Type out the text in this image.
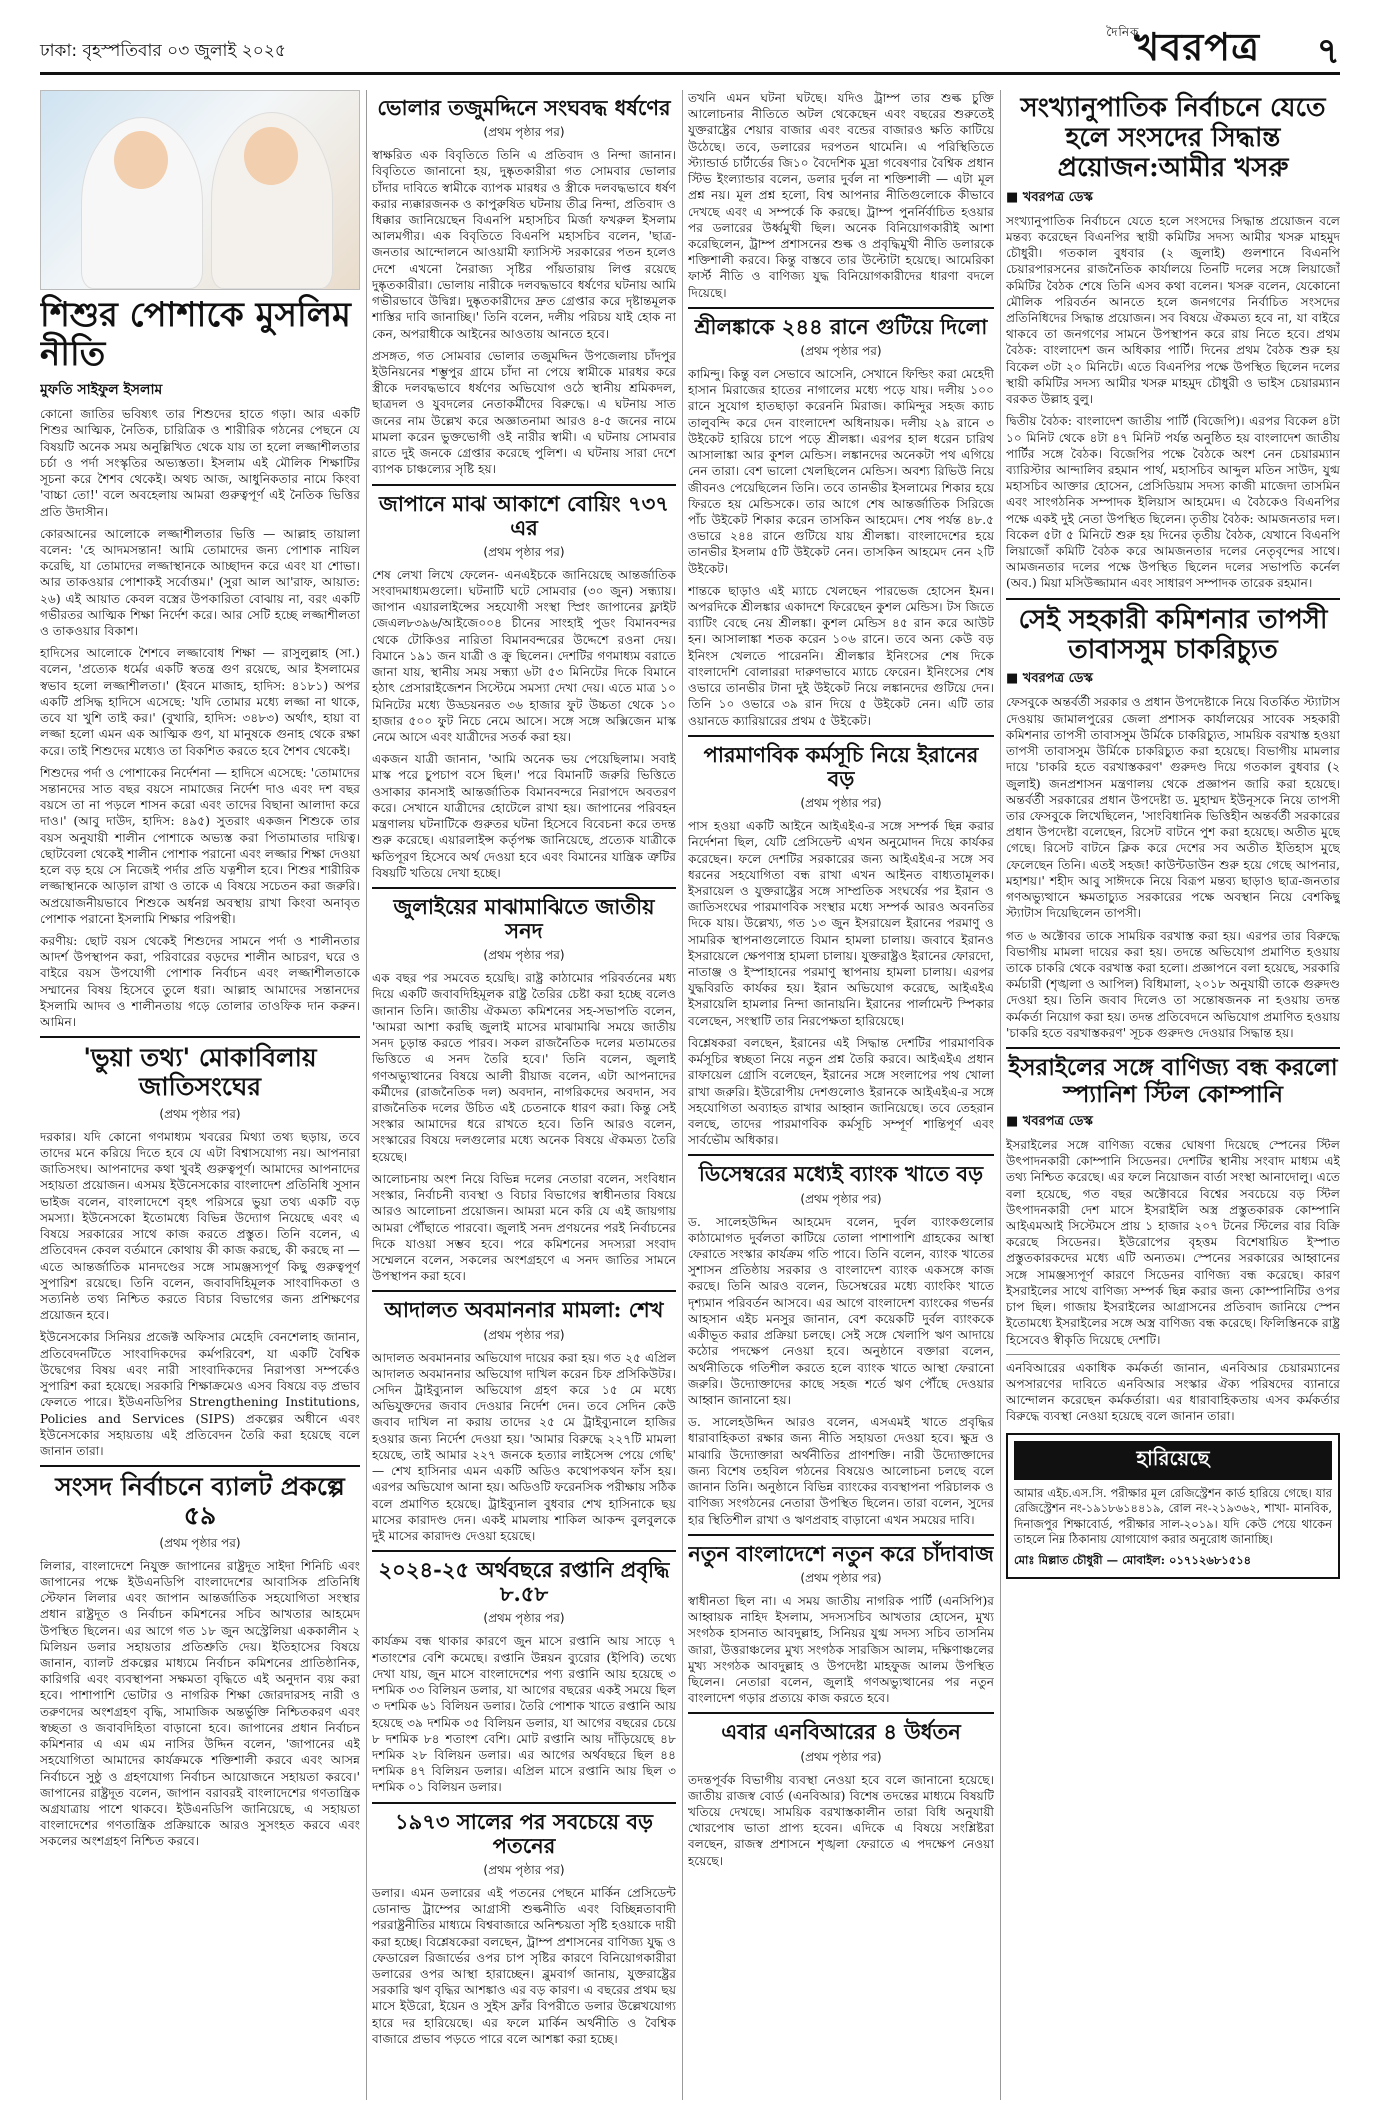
ঢাকা: বৃহস্পতিবার ০৩ জুলাই ২০২৫
দৈনিক
খবরপত্র ৭
শিশুর পোশাকে মুসলিম নীতি
মুফতি সাইফুল ইসলাম

কোনো জাতির ভবিষ্যৎ তার শিশুদের হাতে গড়া। আর একটি শিশুর আত্মিক, নৈতিক, চারিত্রিক ও শারীরিক গঠনের পেছনে যে বিষয়টি অনেক সময় অনুল্লিখিত থেকে যায় তা হলো লজ্জাশীলতার চর্চা ও পর্দা সংস্কৃতির অভ্যস্ততা। ইসলাম এই মৌলিক শিক্ষাটির সূচনা করে শৈশব থেকেই। অথচ আজ, আধুনিকতার নামে কিংবা 'বাচ্চা তো!' বলে অবহেলায় আমরা গুরুত্বপূর্ণ এই নৈতিক ভিত্তির প্রতি উদাসীন।

কোরআনের আলোকে লজ্জাশীলতার ভিত্তি — আল্লাহ তায়ালা বলেন: 'হে আদমসন্তান! আমি তোমাদের জন্য পোশাক নাযিল করেছি, যা তোমাদের লজ্জাস্থানকে আচ্ছাদন করে এবং যা শোভা। আর তাকওয়ার পোশাকই সর্বোত্তম।' (সুরা আল আ'রাফ, আয়াত: ২৬) এই আয়াত কেবল বস্ত্রের উপকারিতা বোঝায় না, বরং একটি গভীরতর আত্মিক শিক্ষা নির্দেশ করে। আর সেটি হচ্ছে লজ্জাশীলতা ও তাকওয়ার বিকাশ।

হাদিসের আলোকে শৈশবে লজ্জাবোধ শিক্ষা — রাসুলুল্লাহ (সা.) বলেন, 'প্রত্যেক ধর্মের একটি স্বতন্ত্র গুণ রয়েছে, আর ইসলামের স্বভাব হলো লজ্জাশীলতা।' (ইবনে মাজাহ, হাদিস: ৪১৮১) অপর একটি প্রসিদ্ধ হাদিসে এসেছে: 'যদি তোমার মধ্যে লজ্জা না থাকে, তবে যা খুশি তাই কর।' (বুখারি, হাদিস: ৩৪৮৩) অর্থাৎ, হায়া বা লজ্জা হলো এমন এক আত্মিক গুণ, যা মানুষকে গুনাহ থেকে রক্ষা করে। তাই শিশুদের মধ্যেও তা বিকশিত করতে হবে শৈশব থেকেই।

শিশুদের পর্দা ও পোশাকের নির্দেশনা — হাদিসে এসেছে: 'তোমাদের সন্তানদের সাত বছর বয়সে নামাজের নির্দেশ দাও এবং দশ বছর বয়সে তা না পড়লে শাসন করো এবং তাদের বিছানা আলাদা করে দাও।' (আবু দাউদ, হাদিস: ৪৯৫) সুতরাং একজন শিশুকে তার বয়স অনুযায়ী শালীন পোশাকে অভ্যস্ত করা পিতামাতার দায়িত্ব। ছোটবেলা থেকেই শালীন পোশাক পরানো এবং লজ্জার শিক্ষা দেওয়া হলে বড় হয়ে সে নিজেই পর্দার প্রতি যত্নশীল হবে। শিশুর শারীরিক লজ্জাস্থানকে আড়াল রাখা ও তাকে এ বিষয়ে সচেতন করা জরুরি। অপ্রয়োজনীয়ভাবে শিশুকে অর্ধনগ্ন অবস্থায় রাখা কিংবা অনাবৃত পোশাক পরানো ইসলামি শিক্ষার পরিপন্থী।

করণীয়: ছোট বয়স থেকেই শিশুদের সামনে পর্দা ও শালীনতার আদর্শ উপস্থাপন করা, পরিবারের বড়দের শালীন আচরণ, ঘরে ও বাইরে বয়স উপযোগী পোশাক নির্বাচন এবং লজ্জাশীলতাকে সম্মানের বিষয় হিসেবে তুলে ধরা। আল্লাহ আমাদের সন্তানদের ইসলামি আদব ও শালীনতায় গড়ে তোলার তাওফিক দান করুন। আমিন।

'ভুয়া তথ্য' মোকাবিলায় জাতিসংঘের
(প্রথম পৃষ্ঠার পর)

দরকার। যদি কোনো গণমাধ্যম খবরের মিথ্যা তথ্য ছড়ায়, তবে তাদের মনে করিয়ে দিতে হবে যে এটা বিশ্বাসযোগ্য নয়। আপনারা জাতিসংঘ। আপনাদের কথা খুবই গুরুত্বপূর্ণ। আমাদের আপনাদের সহায়তা প্রয়োজন। এসময় ইউনেসকোর বাংলাদেশ প্রতিনিধি সুসান ভাইজ বলেন, বাংলাদেশে বৃহৎ পরিসরে ভুয়া তথ্য একটি বড় সমস্যা। ইউনেসকো ইতোমধ্যে বিভিন্ন উদ্যোগ নিয়েছে এবং এ বিষয়ে সরকারের সাথে কাজ করতে প্রস্তুত। তিনি বলেন, এ প্রতিবেদন কেবল বর্তমানে কোথায় কী কাজ করছে, কী করছে না — এতে আন্তর্জাতিক মানদণ্ডের সঙ্গে সামঞ্জস্যপূর্ণ কিছু গুরুত্বপূর্ণ সুপারিশ রয়েছে। তিনি বলেন, জবাবদিহিমূলক সাংবাদিকতা ও সত্যনিষ্ঠ তথ্য নিশ্চিত করতে বিচার বিভাগের জন্য প্রশিক্ষণের প্রয়োজন হবে।

ইউনেসকোর সিনিয়র প্রজেক্ট অফিসার মেহেদি বেনশেলাহ জানান, প্রতিবেদনটিতে সাংবাদিকদের কর্মপরিবেশ, যা একটি বৈশ্বিক উদ্বেগের বিষয় এবং নারী সাংবাদিকদের নিরাপত্তা সম্পর্কেও সুপারিশ করা হয়েছে। সরকারি শিক্ষাক্রমেও এসব বিষয়ে বড় প্রভাব ফেলতে পারে। ইউএনডিপির Strengthening Institutions, Policies and Services (SIPS) প্রকল্পের অধীনে এবং ইউনেসকোর সহায়তায় এই প্রতিবেদন তৈরি করা হয়েছে বলে জানান তারা।

সংসদ নির্বাচনে ব্যালট প্রকল্পে ৫৯
(প্রথম পৃষ্ঠার পর)

লিলার, বাংলাদেশে নিযুক্ত জাপানের রাষ্ট্রদূত সাইদা শিনিচি এবং জাপানের পক্ষে ইউএনডিপি বাংলাদেশের আবাসিক প্রতিনিধি স্টেফান লিলার এবং জাপান আন্তর্জাতিক সহযোগিতা সংস্থার প্রধান রাষ্ট্রদূত ও নির্বাচন কমিশনের সচিব আখতার আহমেদ উপস্থিত ছিলেন। এর আগে গত ১৮ জুন অস্ট্রেলিয়া এককালীন ২ মিলিয়ন ডলার সহায়তার প্রতিশ্রুতি দেয়। ইতিহাসের বিষয়ে জানান, ব্যালট প্রকল্পের মাধ্যমে নির্বাচন কমিশনের প্রাতিষ্ঠানিক, কারিগরি এবং ব্যবস্থাপনা সক্ষমতা বৃদ্ধিতে এই অনুদান ব্যয় করা হবে। পাশাপাশি ভোটার ও নাগরিক শিক্ষা জোরদারসহ নারী ও তরুণদের অংশগ্রহণ বৃদ্ধি, সামাজিক অন্তর্ভুক্তি নিশ্চিতকরণ এবং স্বচ্ছতা ও জবাবদিহিতা বাড়ানো হবে। জাপানের প্রধান নির্বাচন কমিশনার এ এম এম নাসির উদ্দিন বলেন, 'জাপানের এই সহযোগিতা আমাদের কার্যক্রমকে শক্তিশালী করবে এবং আসন্ন নির্বাচনে সুষ্ঠু ও গ্রহণযোগ্য নির্বাচন আয়োজনে সহায়তা করবে।' জাপানের রাষ্ট্রদূত বলেন, জাপান বরাবরই বাংলাদেশের গণতান্ত্রিক অগ্রযাত্রায় পাশে থাকবে। ইউএনডিপি জানিয়েছে, এ সহায়তা বাংলাদেশের গণতান্ত্রিক প্রক্রিয়াকে আরও সুসংহত করবে এবং সকলের অংশগ্রহণ নিশ্চিত করবে।

ভোলার তজুমদ্দিনে সংঘবদ্ধ ধর্ষণের
(প্রথম পৃষ্ঠার পর)

স্বাক্ষরিত এক বিবৃতিতে তিনি এ প্রতিবাদ ও নিন্দা জানান। বিবৃতিতে জানানো হয়, দুষ্কৃতকারীরা গত সোমবার ভোলার চাঁদার দাবিতে স্বামীকে ব্যাপক মারধর ও স্ত্রীকে দলবদ্ধভাবে ধর্ষণ করার ন্যক্কারজনক ও কাপুরুষিত ঘটনায় তীব্র নিন্দা, প্রতিবাদ ও ধিক্কার জানিয়েছেন বিএনপি মহাসচিব মির্জা ফখরুল ইসলাম আলমগীর। এক বিবৃতিতে বিএনপি মহাসচিব বলেন, 'ছাত্র-জনতার আন্দোলনে আওয়ামী ফ্যাসিস্ট সরকারের পতন হলেও দেশে এখনো নৈরাজ্য সৃষ্টির পাঁয়তারায় লিপ্ত রয়েছে দুষ্কৃতকারীরা। ভোলায় নারীকে দলবদ্ধভাবে ধর্ষণের ঘটনায় আমি গভীরভাবে উদ্বিগ্ন। দুষ্কৃতকারীদের দ্রুত গ্রেপ্তার করে দৃষ্টান্তমূলক শাস্তির দাবি জানাচ্ছি।' তিনি বলেন, দলীয় পরিচয় যাই হোক না কেন, অপরাধীকে আইনের আওতায় আনতে হবে।

প্রসঙ্গত, গত সোমবার ভোলার তজুমদ্দিন উপজেলায় চাঁদপুর ইউনিয়নের শম্ভুপুর গ্রামে চাঁদা না পেয়ে স্বামীকে মারধর করে স্ত্রীকে দলবদ্ধভাবে ধর্ষণের অভিযোগ ওঠে স্থানীয় শ্রমিকদল, ছাত্রদল ও যুবদলের নেতাকর্মীদের বিরুদ্ধে। এ ঘটনায় সাত জনের নাম উল্লেখ করে অজ্ঞাতনামা আরও ৪-৫ জনের নামে মামলা করেন ভুক্তভোগী ওই নারীর স্বামী। এ ঘটনায় সোমবার রাতে দুই জনকে গ্রেপ্তার করেছে পুলিশ। এ ঘটনায় সারা দেশে ব্যাপক চাঞ্চল্যের সৃষ্টি হয়।

জাপানে মাঝ আকাশে বোয়িং ৭৩৭ এর
(প্রথম পৃষ্ঠার পর)

শেষ লেখা লিখে ফেলেন- এনএইচকে জানিয়েছে আন্তর্জাতিক সংবাদমাধ্যমগুলো। ঘটনাটি ঘটে সোমবার (৩০ জুন) সন্ধ্যায়। জাপান এয়ারলাইন্সের সহযোগী সংস্থা স্প্রিং জাপানের ফ্লাইট জেএল৮৩৯৬/আইজে০০৪ চীনের সাংহাই পুডং বিমানবন্দর থেকে টোকিওর নারিতা বিমানবন্দরের উদ্দেশে রওনা দেয়। বিমানে ১৯১ জন যাত্রী ও ক্রু ছিলেন। দেশটির গণমাধ্যম বরাতে জানা যায়, স্থানীয় সময় সন্ধ্যা ৬টা ৫৩ মিনিটের দিকে বিমানে হঠাৎ প্রেসারাইজেশন সিস্টেমে সমস্যা দেখা দেয়। এতে মাত্র ১০ মিনিটের মধ্যে উড্ডয়নরত ৩৬ হাজার ফুট উচ্চতা থেকে ১০ হাজার ৫০০ ফুট নিচে নেমে আসে। সঙ্গে সঙ্গে অক্সিজেন মাস্ক নেমে আসে এবং যাত্রীদের সতর্ক করা হয়।

একজন যাত্রী জানান, 'আমি অনেক ভয় পেয়েছিলাম। সবাই মাস্ক পরে চুপচাপ বসে ছিল।' পরে বিমানটি জরুরি ভিত্তিতে ওসাকার কানসাই আন্তর্জাতিক বিমানবন্দরে নিরাপদে অবতরণ করে। সেখানে যাত্রীদের হোটেলে রাখা হয়। জাপানের পরিবহন মন্ত্রণালয় ঘটনাটিকে গুরুতর ঘটনা হিসেবে বিবেচনা করে তদন্ত শুরু করেছে। এয়ারলাইন্স কর্তৃপক্ষ জানিয়েছে, প্রত্যেক যাত্রীকে ক্ষতিপূরণ হিসেবে অর্থ দেওয়া হবে এবং বিমানের যান্ত্রিক ত্রুটির বিষয়টি খতিয়ে দেখা হচ্ছে।

জুলাইয়ের মাঝামাঝিতে জাতীয় সনদ
(প্রথম পৃষ্ঠার পর)

এক বছর পর সমবেত হয়েছি। রাষ্ট্র কাঠামোর পরিবর্তনের মধ্য দিয়ে একটি জবাবদিহিমূলক রাষ্ট্র তৈরির চেষ্টা করা হচ্ছে বলেও জানান তিনি। জাতীয় ঐকমত্য কমিশনের সহ-সভাপতি বলেন, 'আমরা আশা করছি জুলাই মাসের মাঝামাঝি সময়ে জাতীয় সনদ চূড়ান্ত করতে পারব। সকল রাজনৈতিক দলের মতামতের ভিত্তিতে এ সনদ তৈরি হবে।' তিনি বলেন, জুলাই গণঅভ্যুত্থানের বিষয়ে আলী রীয়াজ বলেন, এটা আপনাদের কর্মীদের (রাজনৈতিক দল) অবদান, নাগরিকদের অবদান, সব রাজনৈতিক দলের উচিত এই চেতনাকে ধারণ করা। কিন্তু সেই সংস্কার আমাদের ধরে রাখতে হবে। তিনি আরও বলেন, সংস্কারের বিষয়ে দলগুলোর মধ্যে অনেক বিষয়ে ঐকমত্য তৈরি হয়েছে।

আলোচনায় অংশ নিয়ে বিভিন্ন দলের নেতারা বলেন, সংবিধান সংস্কার, নির্বাচনী ব্যবস্থা ও বিচার বিভাগের স্বাধীনতার বিষয়ে আরও আলোচনা প্রয়োজন। আমরা মনে করি যে এই জায়গায় আমরা পৌঁছাতে পারবো। জুলাই সনদ প্রণয়নের পরই নির্বাচনের দিকে যাওয়া সম্ভব হবে। পরে কমিশনের সদস্যরা সংবাদ সম্মেলনে বলেন, সকলের অংশগ্রহণে এ সনদ জাতির সামনে উপস্থাপন করা হবে।

আদালত অবমাননার মামলা: শেখ
(প্রথম পৃষ্ঠার পর)

আদালত অবমাননার অভিযোগ দায়ের করা হয়। গত ২৫ এপ্রিল আদালত অবমাননার অভিযোগ দাখিল করেন চিফ প্রসিকিউটর। সেদিন ট্রাইব্যুনাল অভিযোগ গ্রহণ করে ১৫ মে মধ্যে অভিযুক্তদের জবাব দেওয়ার নির্দেশ দেন। তবে সেদিন কেউ জবাব দাখিল না করায় তাদের ২৫ মে ট্রাইব্যুনালে হাজির হওয়ার জন্য নির্দেশ দেওয়া হয়। 'আমার বিরুদ্ধে ২২৭টি মামলা হয়েছে, তাই আমার ২২৭ জনকে হত্যার লাইসেন্স পেয়ে গেছি' — শেখ হাসিনার এমন একটি অডিও কথোপকথন ফাঁস হয়। এরপর অভিযোগ আনা হয়। অডিওটি ফরেনসিক পরীক্ষায় সঠিক বলে প্রমাণিত হয়েছে। ট্রাইব্যুনাল বুধবার শেখ হাসিনাকে ছয় মাসের কারাদণ্ড দেন। একই মামলায় শাকিল আকন্দ বুলবুলকে দুই মাসের কারাদণ্ড দেওয়া হয়েছে।

২০২৪-২৫ অর্থবছরে রপ্তানি প্রবৃদ্ধি ৮.৫৮
(প্রথম পৃষ্ঠার পর)

কার্যক্রম বন্ধ থাকার কারণে জুন মাসে রপ্তানি আয় সাড়ে ৭ শতাংশের বেশি কমেছে। রপ্তানি উন্নয়ন ব্যুরোর (ইপিবি) তথ্যে দেখা যায়, জুন মাসে বাংলাদেশের পণ্য রপ্তানি আয় হয়েছে ৩ দশমিক ৩৩ বিলিয়ন ডলার, যা আগের বছরের একই সময়ে ছিল ৩ দশমিক ৬১ বিলিয়ন ডলার। তৈরি পোশাক খাতে রপ্তানি আয় হয়েছে ৩৯ দশমিক ৩৫ বিলিয়ন ডলার, যা আগের বছরের চেয়ে ৮ দশমিক ৮৪ শতাংশ বেশি। মোট রপ্তানি আয় দাঁড়িয়েছে ৪৮ দশমিক ২৮ বিলিয়ন ডলার। এর আগের অর্থবছরে ছিল ৪৪ দশমিক ৪৭ বিলিয়ন ডলার। এপ্রিল মাসে রপ্তানি আয় ছিল ৩ দশমিক ০১ বিলিয়ন ডলার।

১৯৭৩ সালের পর সবচেয়ে বড় পতনের
(প্রথম পৃষ্ঠার পর)

ডলার। এমন ডলারের এই পতনের পেছনে মার্কিন প্রেসিডেন্ট ডোনাল্ড ট্রাম্পের আগ্রাসী শুল্কনীতি এবং বিচ্ছিন্নতাবাদী পররাষ্ট্রনীতির মাধ্যমে বিশ্ববাজারে অনিশ্চয়তা সৃষ্টি হওয়াকে দায়ী করা হচ্ছে। বিশ্লেষকেরা বলছেন, ট্রাম্প প্রশাসনের বাণিজ্য যুদ্ধ ও ফেডারেল রিজার্ভের ওপর চাপ সৃষ্টির কারণে বিনিয়োগকারীরা ডলারের ওপর আস্থা হারাচ্ছেন। ব্লুমবার্গ জানায়, যুক্তরাষ্ট্রের সরকারি ঋণ বৃদ্ধির আশঙ্কাও এর বড় কারণ। এ বছরের প্রথম ছয় মাসে ইউরো, ইয়েন ও সুইস ফ্রাঁর বিপরীতে ডলার উল্লেখযোগ্য হারে দর হারিয়েছে। এর ফলে মার্কিন অর্থনীতি ও বৈশ্বিক বাজারে প্রভাব পড়তে পারে বলে আশঙ্কা করা হচ্ছে।

তখনি এমন ঘটনা ঘটছে। যদিও ট্রাম্প তার শুল্ক চুক্তি আলোচনার নীতিতে অটল থেকেছেন এবং বছরের শুরুতেই যুক্তরাষ্ট্রের শেয়ার বাজার এবং বন্ডের বাজারও ক্ষতি কাটিয়ে উঠেছে। তবে, ডলারের দরপতন থামেনি। এ পরিস্থিতিতে স্ট্যান্ডার্ড চার্টার্ডের জি১০ বৈদেশিক মুদ্রা গবেষণার বৈশ্বিক প্রধান স্টিভ ইংল্যান্ডার বলেন, ডলার দুর্বল না শক্তিশালী — এটা মূল প্রশ্ন নয়। মূল প্রশ্ন হলো, বিশ্ব আপনার নীতিগুলোকে কীভাবে দেখছে এবং এ সম্পর্কে কি করছে। ট্রাম্প পুনর্নির্বাচিত হওয়ার পর ডলারের উর্ধ্বমুখী ছিল। অনেক বিনিয়োগকারীই আশা করেছিলেন, ট্রাম্প প্রশাসনের শুল্ক ও প্রবৃদ্ধিমুখী নীতি ডলারকে শক্তিশালী করবে। কিন্তু বাস্তবে তার উল্টোটা হয়েছে। আমেরিকা ফার্স্ট নীতি ও বাণিজ্য যুদ্ধ বিনিয়োগকারীদের ধারণা বদলে দিয়েছে।

শ্রীলঙ্কাকে ২৪৪ রানে গুটিয়ে দিলো
(প্রথম পৃষ্ঠার পর)

কামিন্দু। কিন্তু বল সেভাবে আসেনি, সেখানে ফিল্ডিং করা মেহেদী হাসান মিরাজের হাতের নাগালের মধ্যে পড়ে যায়। দলীয় ১০০ রানে সুযোগ হাতছাড়া করেননি মিরাজ। কামিন্দুর সহজ ক্যাচ তালুবন্দি করে দেন বাংলাদেশ অধিনায়ক। দলীয় ২৯ রানে ৩ উইকেট হারিয়ে চাপে পড়ে শ্রীলঙ্কা। এরপর হাল ধরেন চারিথ আসালাঙ্কা আর কুশল মেন্ডিস। লঙ্কানদের অনেকটা পথ এগিয়ে নেন তারা। বেশ ভালো খেলছিলেন মেন্ডিস। অবশ্য রিভিউ নিয়ে জীবনও পেয়েছিলেন তিনি। তবে তানভীর ইসলামের শিকার হয়ে ফিরতে হয় মেন্ডিসকে। তার আগে শেষ আন্তর্জাতিক সিরিজে পাঁচ উইকেট শিকার করেন তাসকিন আহমেদ। শেষ পর্যন্ত ৪৮.৫ ওভারে ২৪৪ রানে গুটিয়ে যায় শ্রীলঙ্কা। বাংলাদেশের হয়ে তানভীর ইসলাম ৫টি উইকেট নেন। তাসকিন আহমেদ নেন ২টি উইকেট।

শান্তকে ছাড়াও এই ম্যাচে খেলছেন পারভেজ হোসেন ইমন। অপরদিকে শ্রীলঙ্কার একাদশে ফিরেছেন কুশল মেন্ডিস। টস জিতে ব্যাটিং বেছে নেয় শ্রীলঙ্কা। কুশল মেন্ডিস ৪৫ রান করে আউট হন। আসালাঙ্কা শতক করেন ১০৬ রানে। তবে অন্য কেউ বড় ইনিংস খেলতে পারেননি। শ্রীলঙ্কার ইনিংসের শেষ দিকে বাংলাদেশি বোলাররা দারুণভাবে ম্যাচে ফেরেন। ইনিংসের শেষ ওভারে তানভীর টানা দুই উইকেট নিয়ে লঙ্কানদের গুটিয়ে দেন। তিনি ১০ ওভারে ৩৯ রান দিয়ে ৫ উইকেট নেন। এটি তার ওয়ানডে ক্যারিয়ারের প্রথম ৫ উইকেট।

পারমাণবিক কর্মসূচি নিয়ে ইরানের বড়
(প্রথম পৃষ্ঠার পর)

পাস হওয়া একটি আইনে আইএইএ-র সঙ্গে সম্পর্ক ছিন্ন করার নির্দেশনা ছিল, যেটি প্রেসিডেন্ট এখন অনুমোদন দিয়ে কার্যকর করেছেন। ফলে দেশটির সরকারের জন্য আইএইএ-র সঙ্গে সব ধরনের সহযোগিতা বন্ধ রাখা এখন আইনত বাধ্যতামূলক। ইসরায়েল ও যুক্তরাষ্ট্রের সঙ্গে সাম্প্রতিক সংঘর্ষের পর ইরান ও জাতিসংঘের পারমাণবিক সংস্থার মধ্যে সম্পর্ক আরও অবনতির দিকে যায়। উল্লেখ্য, গত ১৩ জুন ইসরায়েল ইরানের পরমাণু ও সামরিক স্থাপনাগুলোতে বিমান হামলা চালায়। জবাবে ইরানও ইসরায়েলে ক্ষেপণাস্ত্র হামলা চালায়। যুক্তরাষ্ট্রও ইরানের ফোরদো, নাতাঞ্জ ও ইস্পাহানের পরমাণু স্থাপনায় হামলা চালায়। এরপর যুদ্ধবিরতি কার্যকর হয়। ইরান অভিযোগ করেছে, আইএইএ ইসরায়েলি হামলার নিন্দা জানায়নি। ইরানের পার্লামেন্ট স্পিকার বলেছেন, সংস্থাটি তার নিরপেক্ষতা হারিয়েছে।

বিশ্লেষকরা বলছেন, ইরানের এই সিদ্ধান্ত দেশটির পারমাণবিক কর্মসূচির স্বচ্ছতা নিয়ে নতুন প্রশ্ন তৈরি করবে। আইএইএ প্রধান রাফায়েল গ্রোসি বলেছেন, ইরানের সঙ্গে সংলাপের পথ খোলা রাখা জরুরি। ইউরোপীয় দেশগুলোও ইরানকে আইএইএ-র সঙ্গে সহযোগিতা অব্যাহত রাখার আহ্বান জানিয়েছে। তবে তেহরান বলছে, তাদের পারমাণবিক কর্মসূচি সম্পূর্ণ শান্তিপূর্ণ এবং সার্বভৌম অধিকার।

ডিসেম্বরের মধ্যেই ব্যাংক খাতে বড়
(প্রথম পৃষ্ঠার পর)

ড. সালেহউদ্দিন আহমেদ বলেন, দুর্বল ব্যাংকগুলোর কাঠামোগত দুর্বলতা কাটিয়ে তোলা পাশাপাশি গ্রাহকের আস্থা ফেরাতে সংস্কার কার্যক্রম গতি পাবে। তিনি বলেন, ব্যাংক খাতের সুশাসন প্রতিষ্ঠায় সরকার ও বাংলাদেশ ব্যাংক একসঙ্গে কাজ করছে। তিনি আরও বলেন, ডিসেম্বরের মধ্যে ব্যাংকিং খাতে দৃশ্যমান পরিবর্তন আসবে। এর আগে বাংলাদেশ ব্যাংকের গভর্নর আহসান এইচ মনসুর জানান, বেশ কয়েকটি দুর্বল ব্যাংককে একীভূত করার প্রক্রিয়া চলছে। সেই সঙ্গে খেলাপি ঋণ আদায়ে কঠোর পদক্ষেপ নেওয়া হবে। অনুষ্ঠানে বক্তারা বলেন, অর্থনীতিকে গতিশীল করতে হলে ব্যাংক খাতে আস্থা ফেরানো জরুরি। উদ্যোক্তাদের কাছে সহজ শর্তে ঋণ পৌঁছে দেওয়ার আহ্বান জানানো হয়।

ড. সালেহউদ্দিন আরও বলেন, এসএমই খাতে প্রবৃদ্ধির ধারাবাহিকতা রক্ষার জন্য নীতি সহায়তা দেওয়া হবে। ক্ষুদ্র ও মাঝারি উদ্যোক্তারা অর্থনীতির প্রাণশক্তি। নারী উদ্যোক্তাদের জন্য বিশেষ তহবিল গঠনের বিষয়েও আলোচনা চলছে বলে জানান তিনি। অনুষ্ঠানে বিভিন্ন ব্যাংকের ব্যবস্থাপনা পরিচালক ও বাণিজ্য সংগঠনের নেতারা উপস্থিত ছিলেন। তারা বলেন, সুদের হার স্থিতিশীল রাখা ও ঋণপ্রবাহ বাড়ানো এখন সময়ের দাবি।

নতুন বাংলাদেশে নতুন করে চাঁদাবাজ
(প্রথম পৃষ্ঠার পর)

স্বাধীনতা ছিল না। এ সময় জাতীয় নাগরিক পার্টি (এনসিপি)র আহ্বায়ক নাহিদ ইসলাম, সদস্যসচিব আখতার হোসেন, মুখ্য সংগঠক হাসনাত আবদুল্লাহ, সিনিয়র যুগ্ম সদস্য সচিব তাসনিম জারা, উত্তরাঞ্চলের মুখ্য সংগঠক সারজিস আলম, দক্ষিণাঞ্চলের মুখ্য সংগঠক আবদুল্লাহ ও উপদেষ্টা মাহফুজ আলম উপস্থিত ছিলেন। নেতারা বলেন, জুলাই গণঅভ্যুত্থানের পর নতুন বাংলাদেশ গড়ার প্রত্যয়ে কাজ করতে হবে।

এবার এনবিআরের ৪ উর্ধতন
(প্রথম পৃষ্ঠার পর)

তদন্তপূর্বক বিভাগীয় ব্যবস্থা নেওয়া হবে বলে জানানো হয়েছে। জাতীয় রাজস্ব বোর্ড (এনবিআর) বিশেষ তদন্তের মাধ্যমে বিষয়টি খতিয়ে দেখছে। সাময়িক বরখাস্তকালীন তারা বিধি অনুযায়ী খোরপোষ ভাতা প্রাপ্য হবেন। এদিকে এ বিষয়ে সংশ্লিষ্টরা বলছেন, রাজস্ব প্রশাসনে শৃঙ্খলা ফেরাতে এ পদক্ষেপ নেওয়া হয়েছে।

সংখ্যানুপাতিক নির্বাচনে যেতে হলে সংসদের সিদ্ধান্ত প্রয়োজন:আমীর খসরু
■ খবরপত্র ডেস্ক

সংখ্যানুপাতিক নির্বাচনে যেতে হলে সংসদের সিদ্ধান্ত প্রয়োজন বলে মন্তব্য করেছেন বিএনপির স্থায়ী কমিটির সদস্য আমীর খসরু মাহমুদ চৌধুরী। গতকাল বুধবার (২ জুলাই) গুলশানে বিএনপি চেয়ারপারসনের রাজনৈতিক কার্যালয়ে তিনটি দলের সঙ্গে লিয়াজোঁ কমিটির বৈঠক শেষে তিনি এসব কথা বলেন। খসরু বলেন, যেকোনো মৌলিক পরিবর্তন আনতে হলে জনগণের নির্বাচিত সংসদের প্রতিনিধিদের সিদ্ধান্ত প্রয়োজন। সব বিষয়ে ঐকমত্য হবে না, যা বাইরে থাকবে তা জনগণের সামনে উপস্থাপন করে রায় নিতে হবে। প্রথম বৈঠক: বাংলাদেশ জন অধিকার পার্টি। দিনের প্রথম বৈঠক শুরু হয় বিকেল ৩টা ২০ মিনিটে। এতে বিএনপির পক্ষে উপস্থিত ছিলেন দলের স্থায়ী কমিটির সদস্য আমীর খসরু মাহমুদ চৌধুরী ও ভাইস চেয়ারম্যান বরকত উল্লাহ বুলু।

দ্বিতীয় বৈঠক: বাংলাদেশ জাতীয় পার্টি (বিজেপি)। এরপর বিকেল ৪টা ১০ মিনিট থেকে ৪টা ৪৭ মিনিট পর্যন্ত অনুষ্ঠিত হয় বাংলাদেশ জাতীয় পার্টির সঙ্গে বৈঠক। বিজেপির পক্ষে বৈঠকে অংশ নেন চেয়ারম্যান ব্যারিস্টার আন্দালিব রহমান পার্থ, মহাসচিব আব্দুল মতিন সাউদ, যুগ্ম মহাসচিব আক্তার হোসেন, প্রেসিডিয়াম সদস্য কাজী মাজেদা তাসমিন এবং সাংগঠনিক সম্পাদক ইলিয়াস আহমেদ। এ বৈঠকেও বিএনপির পক্ষে একই দুই নেতা উপস্থিত ছিলেন। তৃতীয় বৈঠক: আমজনতার দল। বিকেল ৫টা ৫ মিনিটে শুরু হয় দিনের তৃতীয় বৈঠক, যেখানে বিএনপি লিয়াজোঁ কমিটি বৈঠক করে আমজনতার দলের নেতৃবৃন্দের সাথে। আমজনতার দলের পক্ষে উপস্থিত ছিলেন দলের সভাপতি কর্নেল (অব.) মিয়া মসিউজ্জামান এবং সাধারণ সম্পাদক তারেক রহমান।

সেই সহকারী কমিশনার তাপসী তাবাসসুম চাকরিচ্যুত
■ খবরপত্র ডেস্ক

ফেসবুকে অন্তর্বর্তী সরকার ও প্রধান উপদেষ্টাকে নিয়ে বিতর্কিত স্ট্যাটাস দেওয়ায় জামালপুরের জেলা প্রশাসক কার্যালয়ের সাবেক সহকারী কমিশনার তাপসী তাবাসসুম উর্মিকে চাকরিচ্যুত, সাময়িক বরখাস্ত হওয়া তাপসী তাবাসসুম উর্মিকে চাকরিচ্যুত করা হয়েছে। বিভাগীয় মামলার দায়ে 'চাকরি হতে বরখাস্তকরণ' গুরুদণ্ড দিয়ে গতকাল বুধবার (২ জুলাই) জনপ্রশাসন মন্ত্রণালয় থেকে প্রজ্ঞাপন জারি করা হয়েছে। অন্তর্বর্তী সরকারের প্রধান উপদেষ্টা ড. মুহাম্মদ ইউনূসকে নিয়ে তাপসী তার ফেসবুকে লিখেছিলেন, 'সাংবিধানিক ভিত্তিহীন অন্তর্বর্তী সরকারের প্রধান উপদেষ্টা বলেছেন, রিসেট বাটনে পুশ করা হয়েছে। অতীত মুছে গেছে। রিসেট বাটনে ক্লিক করে দেশের সব অতীত ইতিহাস মুছে ফেলেছেন তিনি। এতই সহজ! কাউন্টডাউন শুরু হয়ে গেছে আপনার, মহাশয়।' শহীদ আবু সাঈদকে নিয়ে বিরূপ মন্তব্য ছাড়াও ছাত্র-জনতার গণঅভ্যুত্থানে ক্ষমতাচ্যুত সরকারের পক্ষে অবস্থান নিয়ে বেশকিছু স্ট্যাটাস দিয়েছিলেন তাপসী।

গত ৬ অক্টোবর তাকে সাময়িক বরখাস্ত করা হয়। এরপর তার বিরুদ্ধে বিভাগীয় মামলা দায়ের করা হয়। তদন্তে অভিযোগ প্রমাণিত হওয়ায় তাকে চাকরি থেকে বরখাস্ত করা হলো। প্রজ্ঞাপনে বলা হয়েছে, সরকারি কর্মচারী (শৃঙ্খলা ও আপিল) বিধিমালা, ২০১৮ অনুযায়ী তাকে গুরুদণ্ড দেওয়া হয়। তিনি জবাব দিলেও তা সন্তোষজনক না হওয়ায় তদন্ত কর্মকর্তা নিয়োগ করা হয়। তদন্ত প্রতিবেদনে অভিযোগ প্রমাণিত হওয়ায় 'চাকরি হতে বরখাস্তকরণ' সূচক গুরুদণ্ড দেওয়ার সিদ্ধান্ত হয়।

ইসরাইলের সঙ্গে বাণিজ্য বন্ধ করলো স্প্যানিশ স্টিল কোম্পানি
■ খবরপত্র ডেস্ক

ইসরাইলের সঙ্গে বাণিজ্য বন্ধের ঘোষণা দিয়েছে স্পেনের স্টিল উৎপাদনকারী কোম্পানি সিডেনর। দেশটির স্থানীয় সংবাদ মাধ্যম এই তথ্য নিশ্চিত করেছে। এর ফলে নিয়োজন বার্তা সংস্থা আনাদোলু। এতে বলা হয়েছে, গত বছর অক্টোবরে বিশ্বের সবচেয়ে বড় স্টিল উৎপাদনকারী দেশ মাসে ইসরাইলি অস্ত্র প্রস্তুতকারক কোম্পানি আইএমআই সিস্টেমসে প্রায় ১ হাজার ২০৭ টনের স্টিলের বার বিক্রি করেছে সিডেনর। ইউরোপের বৃহত্তম বিশেষায়িত ইস্পাত প্রস্তুতকারকদের মধ্যে এটি অন্যতম। স্পেনের সরকারের আহ্বানের সঙ্গে সামঞ্জস্যপূর্ণ কারণে সিডেনর বাণিজ্য বন্ধ করেছে। কারণ ইসরাইলের সাথে বাণিজ্য সম্পর্ক ছিন্ন করার জন্য কোম্পানিটির ওপর চাপ ছিল। গাজায় ইসরাইলের আগ্রাসনের প্রতিবাদ জানিয়ে স্পেন ইতোমধ্যে ইসরাইলের সঙ্গে অস্ত্র বাণিজ্য বন্ধ করেছে। ফিলিস্তিনকে রাষ্ট্র হিসেবেও স্বীকৃতি দিয়েছে দেশটি।

এনবিআরের একাধিক কর্মকর্তা জানান, এনবিআর চেয়ারম্যানের অপসারণের দাবিতে এনবিআর সংস্কার ঐক্য পরিষদের ব্যানারে আন্দোলন করেছেন কর্মকর্তারা। এর ধারাবাহিকতায় এসব কর্মকর্তার বিরুদ্ধে ব্যবস্থা নেওয়া হয়েছে বলে জানান তারা।

হারিয়েছে
আমার এইচ.এস.সি. পরীক্ষার মূল রেজিস্ট্রেশন কার্ড হারিয়ে গেছে। যার রেজিস্ট্রেশন নং-১৯১৮৬১৪৪১৯, রোল নং-২১৯৩৬২, শাখা- মানবিক, দিনাজপুর শিক্ষাবোর্ড, পরীক্ষার সাল-২০১৯। যদি কেউ পেয়ে থাকেন তাহলে নিম্ন ঠিকানায় যোগাযোগ করার অনুরোধ জানাচ্ছি।
মোঃ মিল্লাত চৌধুরী — মোবাইল: ০১৭১২৬৮১৫১৪
